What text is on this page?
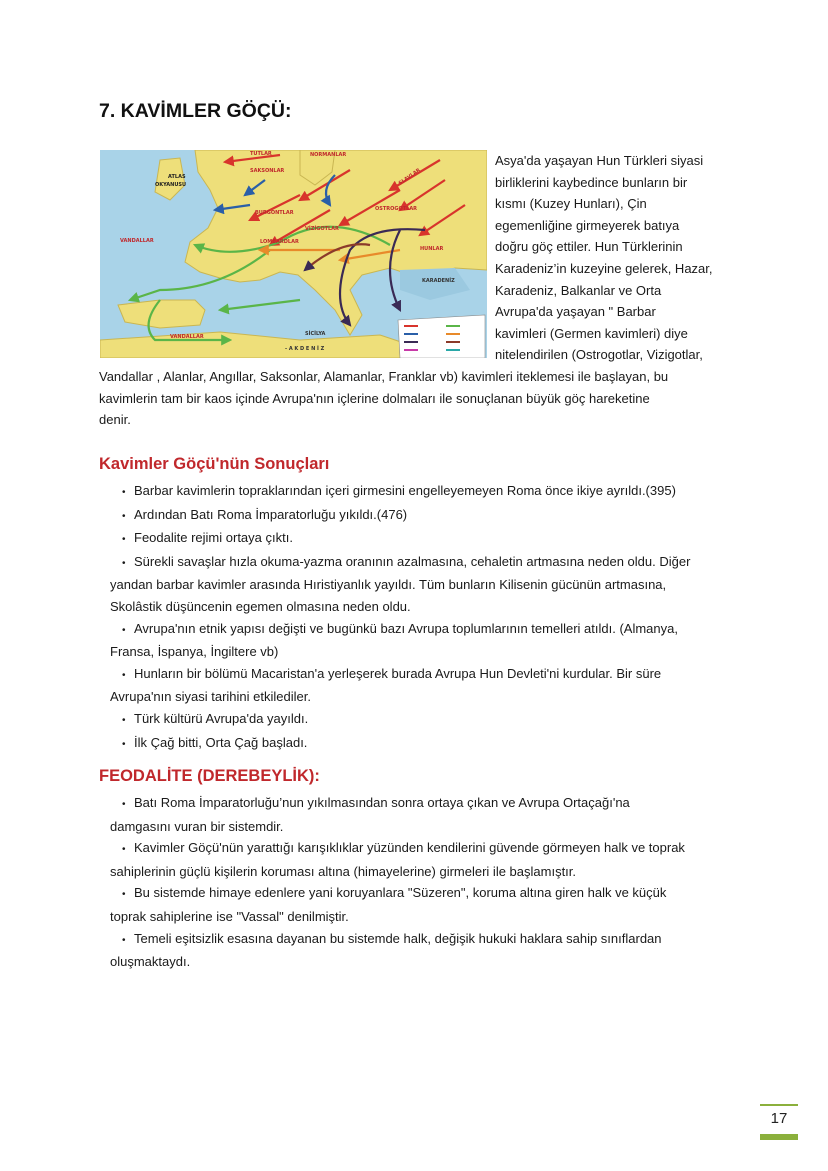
7. KAVİMLER GÖÇÜ:
ATLAS
OKYANUSU
KARADENİZ
- A K D E N İ Z
TUTLAR	NORMANLAR
SAKSONLAR
BURGONTLAR
HUNLAR
LOMBARDLAR
VANDALLAR
VANDALLAR
OSTROGOTLAR
VİZİGOTLAR
SLAVLAR
SİCİLYA
Asya'da yaşayan Hun Türkleri siyasi
birliklerini kaybedince bunların bir
kısmı (Kuzey Hunları), Çin
egemenliğine girmeyerek batıya
doğru göç ettiler. Hun Türklerinin
Karadeniz’in kuzeyine gelerek, Hazar,
Karadeniz, Balkanlar ve Orta
Avrupa'da yaşayan " Barbar
kavimleri (Germen kavimleri) diye
nitelendirilen (Ostrogotlar, Vizigotlar,
Vandallar , Alanlar, Angıllar, Saksonlar, Alamanlar, Franklar vb) kavimleri iteklemesi ile başlayan, bu
kavimlerin tam bir kaos içinde Avrupa'nın içlerine dolmaları ile sonuçlanan büyük göç hareketine
denir.
Kavimler Göçü'nün Sonuçları
• Barbar kavimlerin topraklarından içeri girmesini engelleyemeyen Roma önce ikiye ayrıldı.(395)
• Ardından Batı Roma İmparatorluğu yıkıldı.(476)
• Feodalite rejimi ortaya çıktı.
• Sürekli savaşlar hızla okuma-yazma oranının azalmasına, cehaletin artmasına neden oldu. Diğer
yandan barbar kavimler arasında Hıristiyanlık yayıldı. Tüm bunların Kilisenin gücünün artmasına,
Skolâstik düşüncenin egemen olmasına neden oldu.
• Avrupa'nın etnik yapısı değişti ve bugünkü bazı Avrupa toplumlarının temelleri atıldı. (Almanya,
Fransa, İspanya, İngiltere vb)
• Hunların bir bölümü Macaristan'a yerleşerek burada Avrupa Hun Devleti'ni kurdular. Bir süre
Avrupa'nın siyasi tarihini etkilediler.
• Türk kültürü Avrupa'da yayıldı.
• İlk Çağ bitti, Orta Çağ başladı.
FEODALİTE (DEREBEYLİK):
• Batı Roma İmparatorluğu’nun yıkılmasından sonra ortaya çıkan ve Avrupa Ortaçağı'na
damgasını vuran bir sistemdir.
• Kavimler Göçü'nün yarattığı karışıklıklar yüzünden kendilerini güvende görmeyen halk ve toprak
sahiplerinin güçlü kişilerin koruması altına (himayelerine) girmeleri ile başlamıştır.
• Bu sistemde himaye edenlere yani koruyanlara "Süzeren", koruma altına giren halk ve küçük
toprak sahiplerine ise "Vassal" denilmiştir.
• Temeli eşitsizlik esasına dayanan bu sistemde halk, değişik hukuki haklara sahip sınıflardan
oluşmaktaydı.
17
